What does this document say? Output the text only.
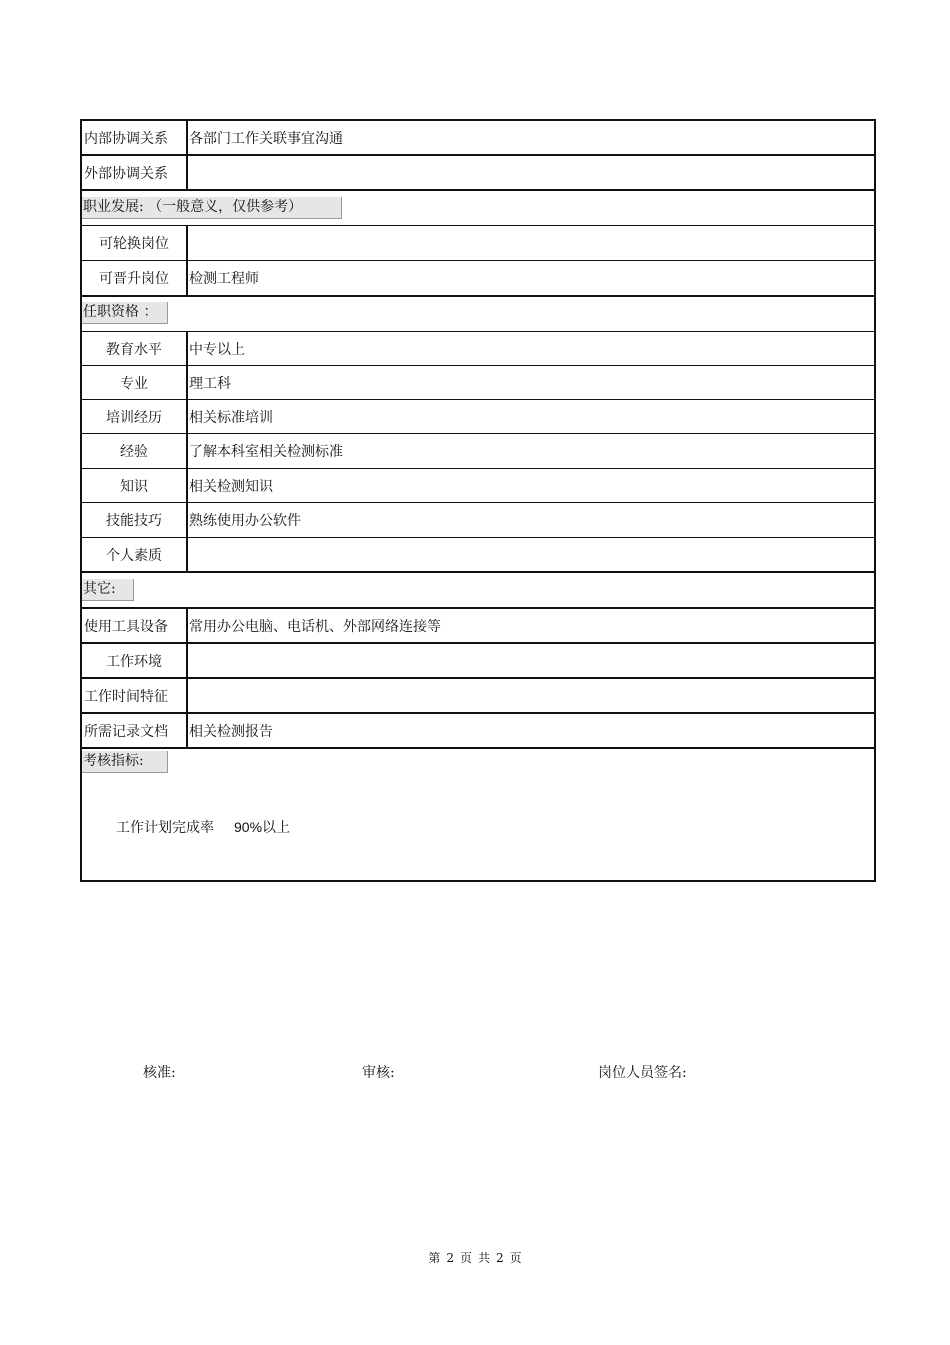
内部协调关系	各部门工作关联事宜沟通
外部协调关系
职业发展: （一般意义，仅供参考）
可轮换岗位
可晋升岗位	检测工程师
任职资格 ：
教育水平	中专以上
专业	理工科
培训经历	相关标准培训
经验	了解本科室相关检测标准
知识	相关检测知识
技能技巧	熟练使用办公软件
个人素质
其它:
使用工具设备	常用办公电脑、电话机、外部网络连接等
工作环境
工作时间特征
所需记录文档	相关检测报告
考核指标:
工作计划完成率 90%以上
核准:	审核:	岗位人员签名:
第 2 页 共 2 页
